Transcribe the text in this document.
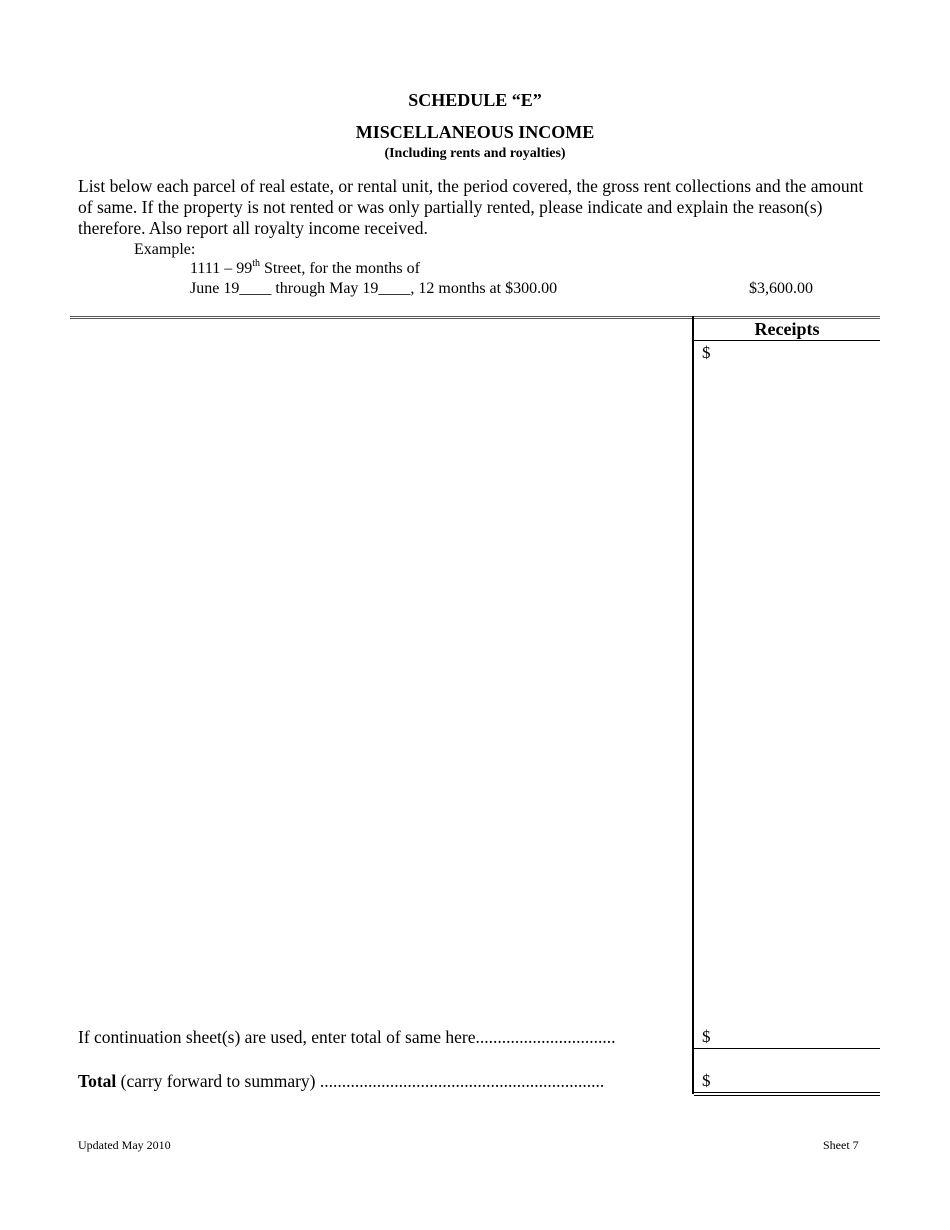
SCHEDULE “E”
MISCELLANEOUS INCOME
(Including rents and royalties)
List below each parcel of real estate, or rental unit, the period covered, the gross rent collections and the amount of same. If the property is not rented or was only partially rented, please indicate and explain the reason(s) therefore. Also report all royalty income received.
Example:
1111 – 99th Street, for the months of
June 19____ through May 19____, 12 months at $300.00	$3,600.00
Receipts
$
If continuation sheet(s) are used, enter total of same here................................	$
Total (carry forward to summary) .................................................................	$
Updated May 2010	Sheet 7
